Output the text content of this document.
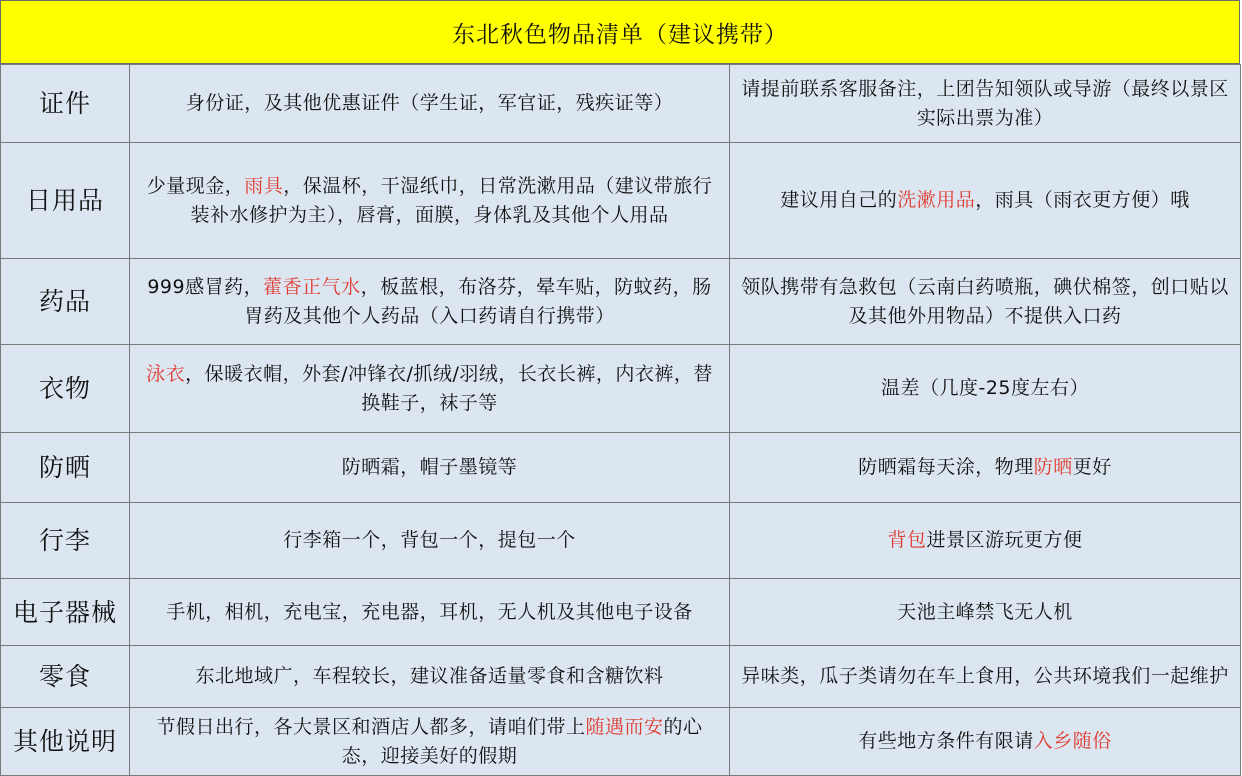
东北秋色物品清单（建议携带）
证件	身份证，及其他优惠证件（学生证，军官证，残疾证等）	请提前联系客服备注，上团告知领队或导游（最终以景区实际出票为准）
日用品	少量现金，雨具，保温杯，干湿纸巾，日常洗漱用品（建议带旅行装补水修护为主），唇膏，面膜，身体乳及其他个人用品	建议用自己的洗漱用品，雨具（雨衣更方便）哦
药品	999感冒药，藿香正气水，板蓝根，布洛芬，晕车贴，防蚊药，肠胃药及其他个人药品（入口药请自行携带）	领队携带有急救包（云南白药喷瓶，碘伏棉签，创口贴以及其他外用物品）不提供入口药
衣物	泳衣，保暖衣帽，外套/冲锋衣/抓绒/羽绒，长衣长裤，内衣裤，替换鞋子，袜子等	温差（几度-25度左右）
防晒	防晒霜，帽子墨镜等	防晒霜每天涂，物理防晒更好
行李	行李箱一个，背包一个，提包一个	背包进景区游玩更方便
电子器械	手机，相机，充电宝，充电器，耳机，无人机及其他电子设备	天池主峰禁飞无人机
零食	东北地域广，车程较长，建议准备适量零食和含糖饮料	异味类，瓜子类请勿在车上食用，公共环境我们一起维护
其他说明	节假日出行，各大景区和酒店人都多，请咱们带上随遇而安的心态，迎接美好的假期	有些地方条件有限请入乡随俗
